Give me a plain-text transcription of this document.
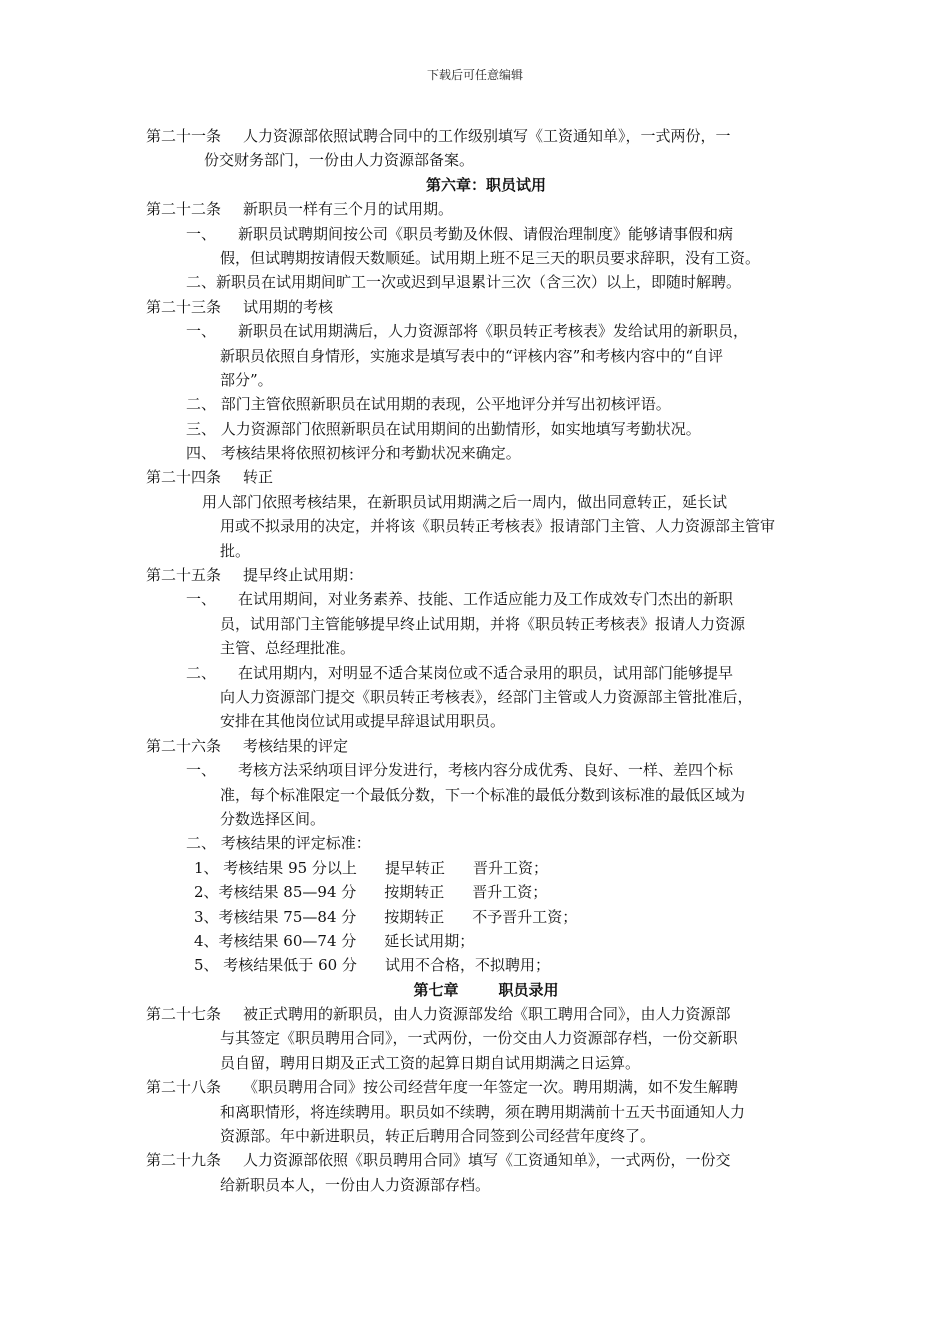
下载后可任意编辑
第二十一条 人力资源部依照试聘合同中的工作级别填写《工资通知单》，一式两份，一
份交财务部门，一份由人力资源部备案。
第六章：职员试用
第二十二条 新职员一样有三个月的试用期。
一、 新职员试聘期间按公司《职员考勤及休假、请假治理制度》能够请事假和病
假，但试聘期按请假天数顺延。试用期上班不足三天的职员要求辞职，没有工资。
二、新职员在试用期间旷工一次或迟到早退累计三次（含三次）以上，即随时解聘。
第二十三条 试用期的考核
一、 新职员在试用期满后，人力资源部将《职员转正考核表》发给试用的新职员，
新职员依照自身情形，实施求是填写表中的“评核内容”和考核内容中的“自评
部分”。
二、 部门主管依照新职员在试用期的表现，公平地评分并写出初核评语。
三、 人力资源部门依照新职员在试用期间的出勤情形，如实地填写考勤状况。
四、 考核结果将依照初核评分和考勤状况来确定。
第二十四条 转正
用人部门依照考核结果，在新职员试用期满之后一周内，做出同意转正，延长试
用或不拟录用的决定，并将该《职员转正考核表》报请部门主管、人力资源部主管审
批。
第二十五条 提早终止试用期：
一、 在试用期间，对业务素养、技能、工作适应能力及工作成效专门杰出的新职
员，试用部门主管能够提早终止试用期，并将《职员转正考核表》报请人力资源
主管、总经理批准。
二、 在试用期内，对明显不适合某岗位或不适合录用的职员，试用部门能够提早
向人力资源部门提交《职员转正考核表》，经部门主管或人力资源部主管批准后，
安排在其他岗位试用或提早辞退试用职员。
第二十六条 考核结果的评定
一、 考核方法采纳项目评分发进行，考核内容分成优秀、良好、一样、差四个标
准，每个标准限定一个最低分数，下一个标准的最低分数到该标准的最低区域为
分数选择区间。
二、 考核结果的评定标准：
1、 考核结果 95 分以上 提早转正 晋升工资；
2、考核结果 85—94 分 按期转正 晋升工资；
3、考核结果 75—84 分 按期转正 不予晋升工资；
4、考核结果 60—74 分 延长试用期；
5、 考核结果低于 60 分 试用不合格，不拟聘用；
第七章	职员录用
第二十七条 被正式聘用的新职员，由人力资源部发给《职工聘用合同》，由人力资源部
与其签定《职员聘用合同》，一式两份，一份交由人力资源部存档，一份交新职
员自留，聘用日期及正式工资的起算日期自试用期满之日运算。
第二十八条 《职员聘用合同》按公司经营年度一年签定一次。聘用期满，如不发生解聘
和离职情形，将连续聘用。职员如不续聘，须在聘用期满前十五天书面通知人力
资源部。年中新进职员，转正后聘用合同签到公司经营年度终了。
第二十九条 人力资源部依照《职员聘用合同》填写《工资通知单》，一式两份，一份交
给新职员本人，一份由人力资源部存档。
